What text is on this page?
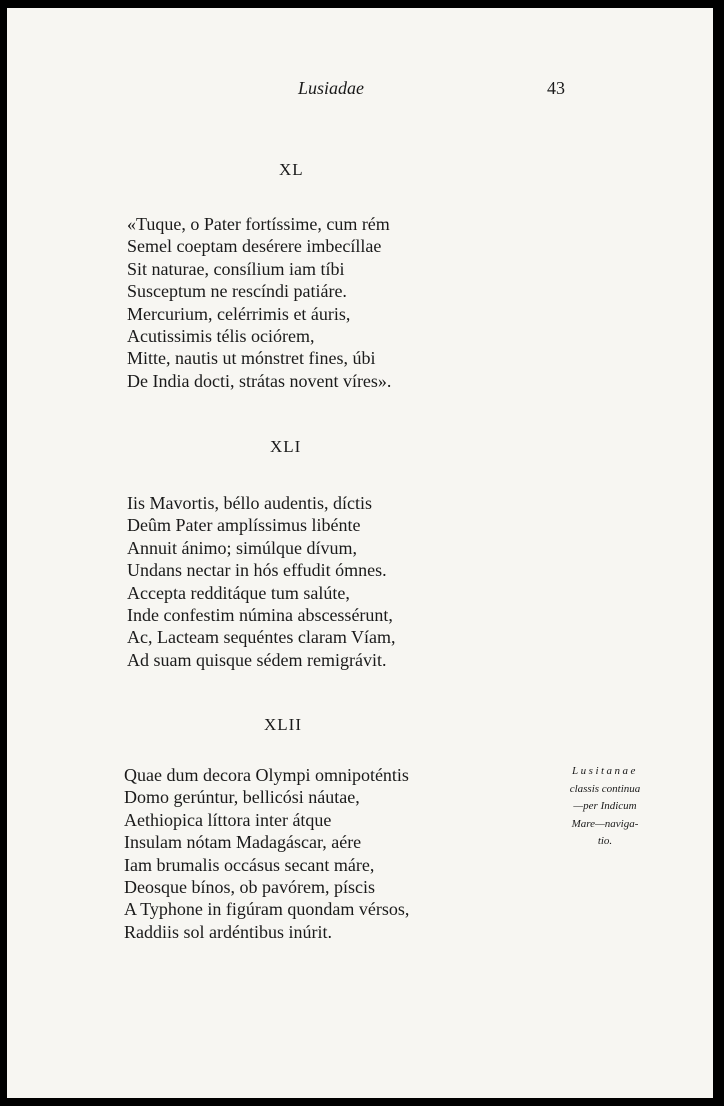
Lusiadae	43
XL
«Tuque, o Pater fortíssime, cum rém
Semel coeptam desérere imbecíllae
Sit naturae, consílium iam tíbi
Susceptum ne rescíndi patiáre.
Mercurium, celérrimis et áuris,
Acutissimis télis ociórem,
Mitte, nautis ut mónstret fines, úbi
De India docti, strátas novent víres».
XLI
Iis Mavortis, béllo audentis, díctis
Deûm Pater amplíssimus libénte
Annuit ánimo; simúlque dívum,
Undans nectar in hós effudit ómnes.
Accepta redditáque tum salúte,
Inde confestim númina abscessérunt,
Ac, Lacteam sequéntes claram Víam,
Ad suam quisque sédem remigrávit.
XLII
Quae dum decora Olympi omnipoténtis
Domo gerúntur, bellicósi náutae,
Aethiopica líttora inter átque
Insulam nótam Madagáscar, aére
Iam brumalis occásus secant máre,
Deosque bínos, ob pavórem, píscis
A Typhone in figúram quondam vérsos,
Raddiis sol ardéntibus inúrit.
Lusitanae
classis continua
—per Indicum
Mare—naviga-
tio.
